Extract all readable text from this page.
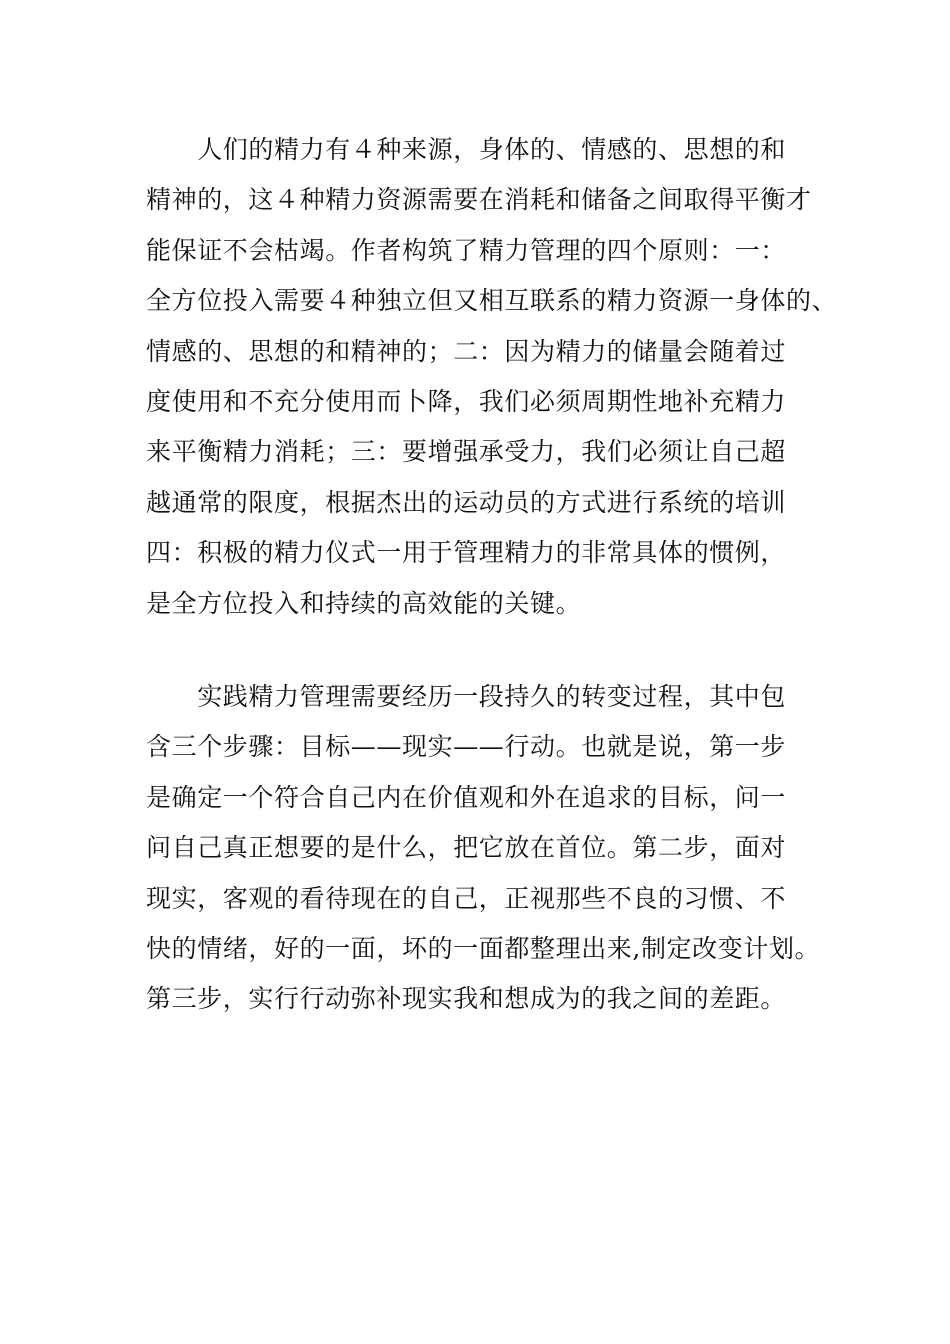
　　人们的精力有４种来源，身体的、情感的、思想的和
精神的，这４种精力资源需要在消耗和储备之间取得平衡才
能保证不会枯竭。作者构筑了精力管理的四个原则：一：
全方位投入需要４种独立但又相互联系的精力资源一身体的、
情感的、思想的和精神的；二：因为精力的储量会随着过
度使用和不充分使用而卜降，我们必须周期性地补充精力
来平衡精力消耗；三：要增强承受力，我们必须让自己超
越通常的限度，根据杰出的运动员的方式进行系统的培训
四：积极的精力仪式一用于管理精力的非常具体的惯例，
是全方位投入和持续的高效能的关键。
　　实践精力管理需要经历一段持久的转变过程，其中包
含三个步骤：目标——现实——行动。也就是说，第一步
是确定一个符合自己内在价值观和外在追求的目标，问一
问自己真正想要的是什么，把它放在首位。第二步，面对
现实，客观的看待现在的自己，正视那些不良的习惯、不
快的情绪，好的一面，坏的一面都整理出来,制定改变计划。
第三步，实行行动弥补现实我和想成为的我之间的差距。
